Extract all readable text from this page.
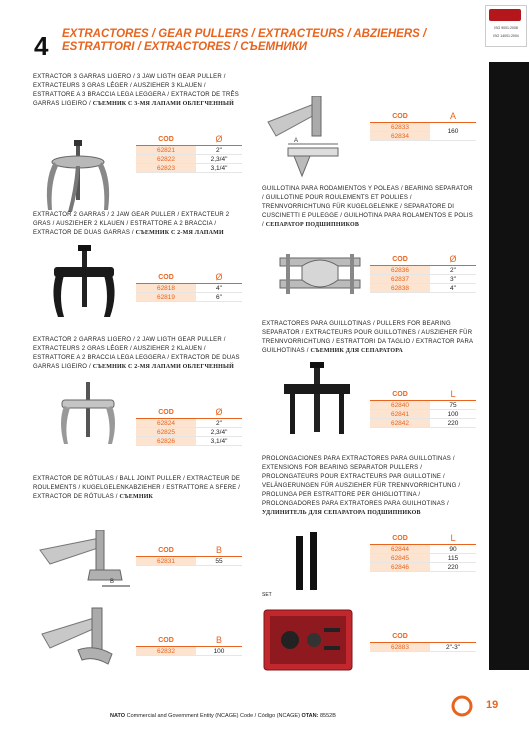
4 EXTRACTORES / GEAR PULLERS / EXTRACTEURS / ABZIEHERS / ESTRATTORI / EXTRACTORES / СЪЕМНИКИ
ISO 9001:2008
ISO 14001:2004
EXTRACTOR 3 GARRAS LIGERO / 3 JAW LIGTH GEAR PULLER / EXTRACTEURS 3 GRAS LÉGER / AUSZIEHER 3 KLAUEN / ESTRATTORE A 3 BRACCIA LEGA LEGGERA / EXTRACTOR DE TRÊS GARRAS LIGEIRO / СЪЕМНИК С 3-МЯ ЛАПАМИ ОБЛЕГЧЕННЫЙ
COD	Ø
62821	2"
62822	2,3/4"
62823	3,1/4"
EXTRACTOR 2 GARRAS / 2 JAW GEAR PULLER / EXTRACTEUR 2 GRAS / AUSZIEHER 2 KLAUEN / ESTRATTORE A 2 BRACCIA / EXTRACTOR DE DUAS GARRAS / СЪЕМНИК С 2-МЯ ЛАПАМИ
COD	Ø
62818	4"
62819	6"
EXTRACTOR 2 GARRAS LIGERO / 2 JAW LIGTH GEAR PULLER / EXTRACTEURS 2 GRAS LÉGER / AUSZIEHER 2 KLAUEN / ESTRATTORE A 2 BRACCIA LEGA LEGGERA / EXTRACTOR DE DUAS GARRAS LIGEIRO / СЪЕМНИК С 2-МЯ ЛАПАМИ ОБЛЕГЧЕННЫЙ
COD	Ø
62824	2"
62825	2,3/4"
62826	3,1/4"
EXTRACTOR DE RÓTULAS / BALL JOINT PULLER / EXTRACTEUR DE ROULEMENTS / KUGELGELENKABZIEHER / ESTRATTORE A SFERE / EXTRACTOR DE RÓTULAS / СЪЕМНИК
B
COD	B
62831	55
COD	B
62832	100
A
COD	A
62833	160
62834	
GUILLOTINA PARA RODAMIENTOS Y POLEAS / BEARING SEPARATOR / GUILLOTINE POUR ROULEMENTS ET POULIES / TRENNVORRICHTUNG FÜR KUGELGELENKE / SEPARATORE DI CUSCINETTI E PULEGGE / GUILHOTINA PARA ROLAMENTOS E POLIS / СЕПАРАТОР ПОДШИПНИКОВ
COD	Ø
62836	2"
62837	3"
62838	4"
EXTRACTORES PARA GUILLOTINAS / PULLERS FOR BEARING SEPARATOR / EXTRACTEURS POUR GUILLOTINES / AUSZIEHER FÜR TRENNVORRICHTUNG / ESTRATTORI DA TAGLIO / EXTRACTOR PARA GUILHOTINAS / СЪЕМНИК ДЛЯ СЕПАРАТОРА
COD	L
62840	75
62841	100
62842	220
PROLONGACIONES PARA EXTRACTORES PARA GUILLOTINAS / EXTENSIONS FOR BEARING SEPARATOR PULLERS / PROLONGATEURS POUR EXTRACTEURS PAR GUILLOTINE / VELÄNGERUNGEN FÜR AUSZIEHER FÜR TRENNVORRICHTUNG / PROLUNGA PER ESTRATTORE PER GHIGLIOTTINA / PROLONGADORES PARA EXTRATORES PARA GUILHOTINAS / УДЛИНИТЕЛЬ ДЛЯ СЕПАРАТОРА ПОДШИПНИКОВ
COD	L
62844	90
62845	115
62846	220
SET
COD	
62883	2"-3"
NATO Commercial and Government Entity (NCAGE) Code / Código (NCAGE) OTAN: 8552B
19
